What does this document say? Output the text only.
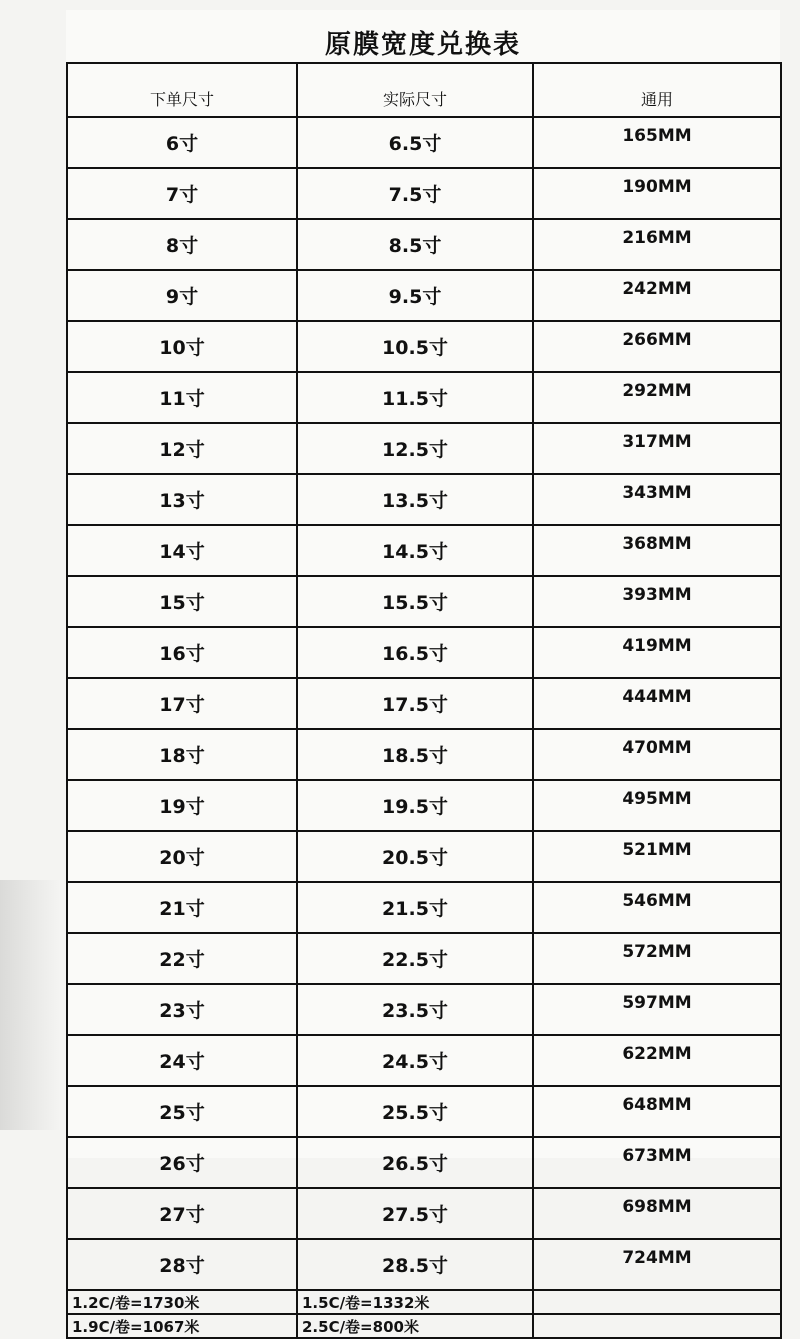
原膜宽度兑换表
下单尺寸	实际尺寸	通用
6寸	6.5寸	165MM
7寸	7.5寸	190MM
8寸	8.5寸	216MM
9寸	9.5寸	242MM
10寸	10.5寸	266MM
11寸	11.5寸	292MM
12寸	12.5寸	317MM
13寸	13.5寸	343MM
14寸	14.5寸	368MM
15寸	15.5寸	393MM
16寸	16.5寸	419MM
17寸	17.5寸	444MM
18寸	18.5寸	470MM
19寸	19.5寸	495MM
20寸	20.5寸	521MM
21寸	21.5寸	546MM
22寸	22.5寸	572MM
23寸	23.5寸	597MM
24寸	24.5寸	622MM
25寸	25.5寸	648MM
26寸	26.5寸	673MM
27寸	27.5寸	698MM
28寸	28.5寸	724MM
1.2C/卷=1730米	1.5C/卷=1332米	
1.9C/卷=1067米	2.5C/卷=800米	
